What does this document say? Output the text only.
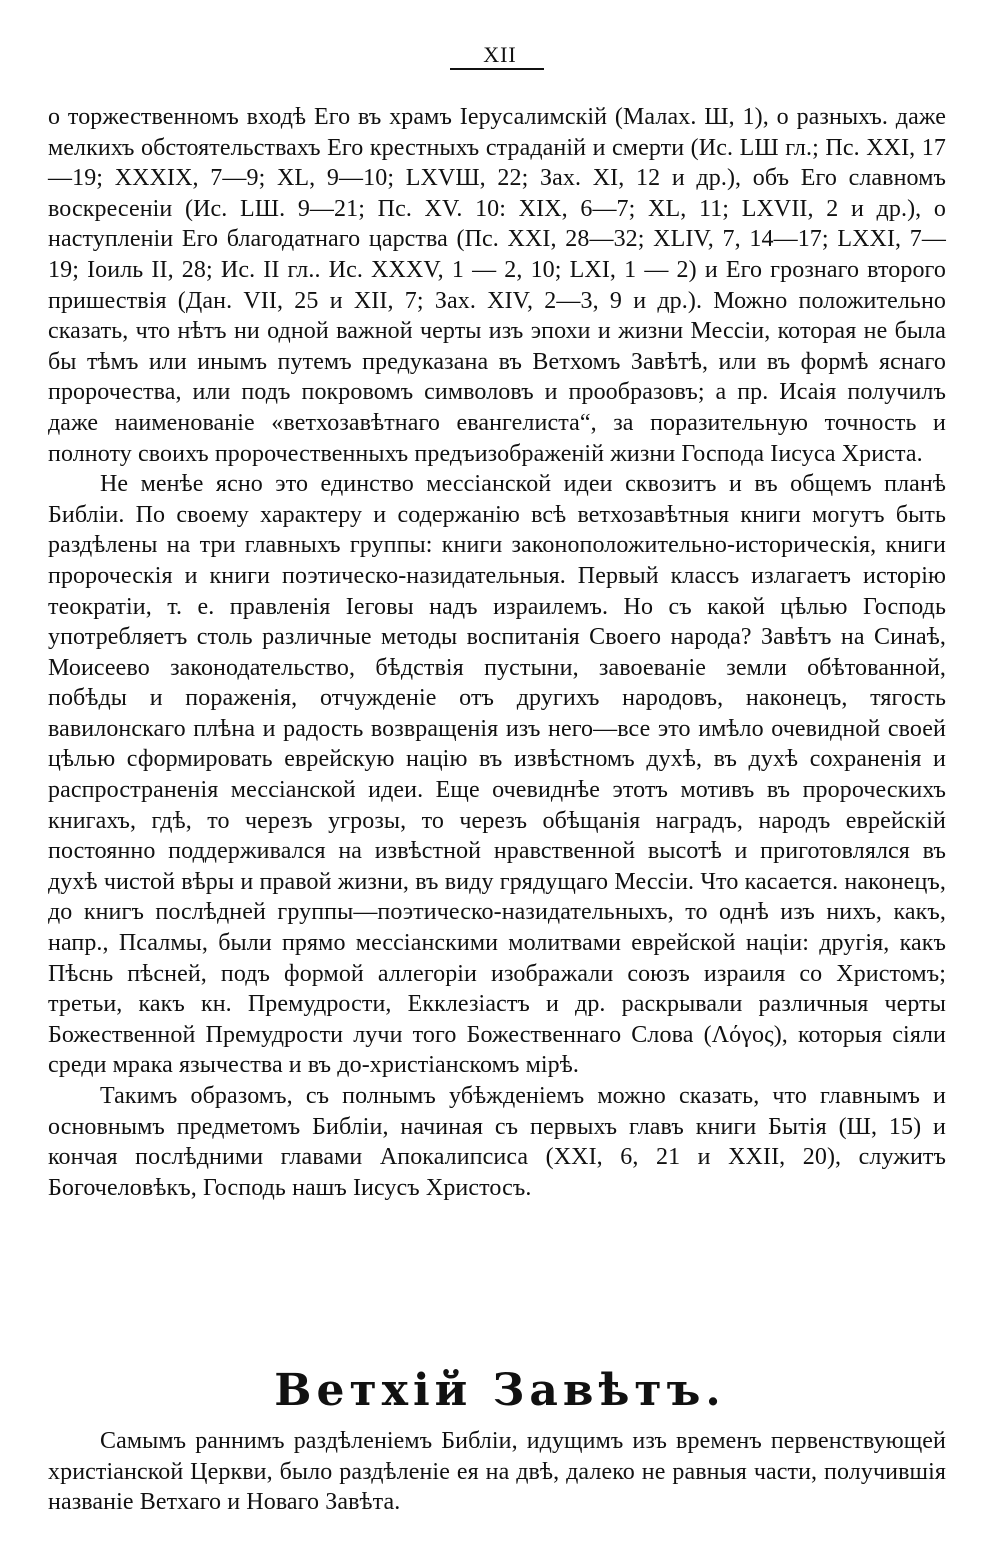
XII

о торжественномъ входѣ Его въ храмъ Іерусалимскій (Малах. Ш, 1), о разныхъ. даже мелкихъ обстоятельствахъ Его крестныхъ страданій и смерти (Ис. LШ гл.; Пс. XXI, 17—19; XXXIX, 7—9; XL, 9—10; LXVШ, 22; Зах. XI, 12 и др.), объ Его славномъ воскресеніи (Ис. LШ. 9—21; Пс. XV. 10: XIX, 6—7; XL, 11; LXVII, 2 и др.), о наступленіи Его благодатнаго царства (Пс. XXI, 28—32; XLIV, 7, 14—17; LXXI, 7—19; Іоиль II, 28; Ис. II гл.. Ис. XXXV, 1 — 2, 10; LXI, 1 — 2) и Его грознаго второго пришествія (Дан. VII, 25 и XII, 7; Зах. XIV, 2—3, 9 и др.). Можно положительно сказать, что нѣтъ ни одной важной черты изъ эпохи и жизни Мессіи, которая не была бы тѣмъ или инымъ путемъ предуказана въ Ветхомъ Завѣтѣ, или въ формѣ яснаго пророчества, или подъ покровомъ символовъ и прообразовъ; а пр. Исаія получилъ даже наименованіе «ветхозавѣтнаго евангелиста“, за поразительную точность и полноту своихъ пророчественныхъ предъизображеній жизни Господа Іисуса Христа.

Не менѣе ясно это единство мессіанской идеи сквозитъ и въ общемъ планѣ Библіи. По своему характеру и содержанію всѣ ветхозавѣтныя книги могутъ быть раздѣлены на три главныхъ группы: книги законоположительно-историческія, книги пророческія и книги поэтическо-назидательныя. Первый классъ излагаетъ исторію теократіи, т. е. правленія Іеговы надъ израилемъ. Но съ какой цѣлью Господь употребляетъ столь различные методы воспитанія Своего народа? Завѣтъ на Синаѣ, Моисеево законодательство, бѣдствія пустыни, завоеваніе земли обѣтованной, побѣды и пораженія, отчужденіе отъ другихъ народовъ, наконецъ, тягость вавилонскаго плѣна и радость возвращенія изъ него—все это имѣло очевидной своей цѣлью сформировать еврейскую націю въ извѣстномъ духѣ, въ духѣ сохраненія и распространенія мессіанской идеи. Еще очевиднѣе этотъ мотивъ въ пророческихъ книгахъ, гдѣ, то черезъ угрозы, то черезъ обѣщанія наградъ, народъ еврейскій постоянно поддерживался на извѣстной нравственной высотѣ и приготовлялся въ духѣ чистой вѣры и правой жизни, въ виду грядущаго Мессіи. Что касается. наконецъ, до книгъ послѣдней группы—поэтическо-назидательныхъ, то однѣ изъ нихъ, какъ, напр., Псалмы, были прямо мессіанскими молитвами еврейской націи: другія, какъ Пѣснь пѣсней, подъ формой аллегоріи изображали союзъ израиля со Христомъ; третьи, какъ кн. Премудрости, Екклезіастъ и др. раскрывали различныя черты Божественной Премудрости лучи того Божественнаго Слова (Λόγος), которыя сіяли среди мрака язычества и въ до-христіанскомъ мірѣ.

Такимъ образомъ, съ полнымъ убѣжденіемъ можно сказать, что главнымъ и основнымъ предметомъ Библіи, начиная съ первыхъ главъ книги Бытія (Ш, 15) и кончая послѣдними главами Апокалипсиса (XXI, 6, 21 и XXII, 20), служитъ Богочеловѣкъ, Господь нашъ Іисусъ Христосъ.

Ветхій Завѣтъ.

Самымъ раннимъ раздѣленіемъ Библіи, идущимъ изъ временъ первенствующей христіанской Церкви, было раздѣленіе ея на двѣ, далеко не равныя части, получившія названіе Ветхаго и Новаго Завѣта.
